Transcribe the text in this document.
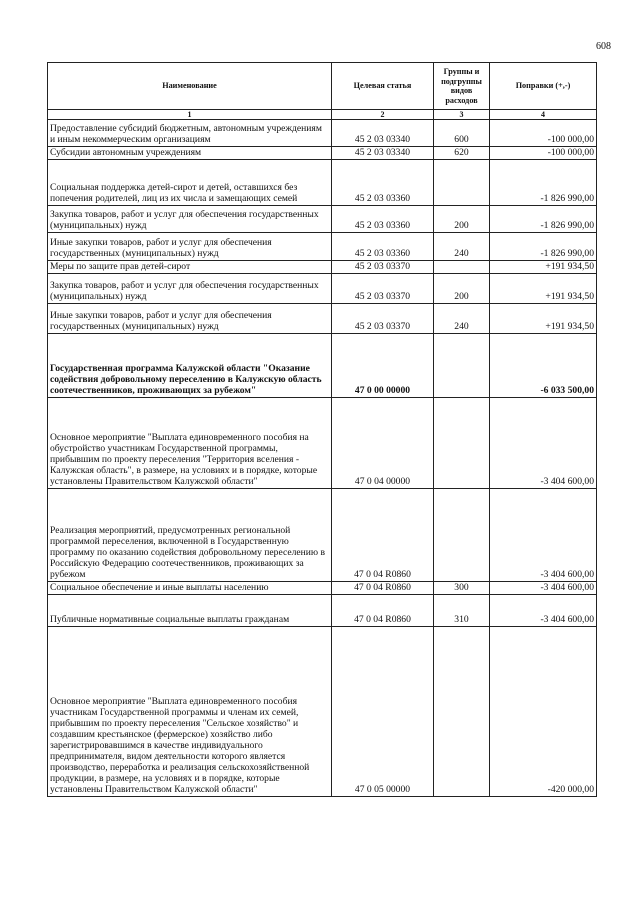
608
Наименование	Целевая статья	Группы и подгруппы видов расходов	Поправки (+,-)
1	2	3	4
Предоставление субсидий бюджетным, автономным учреждениям и иным некоммерческим организациям	45 2 03 03340	600	-100 000,00
Субсидии автономным учреждениям	45 2 03 03340	620	-100 000,00
Социальная поддержка детей-сирот и детей, оставшихся без попечения родителей, лиц из их числа и замещающих семей	45 2 03 03360		-1 826 990,00
Закупка товаров, работ и услуг для обеспечения государственных (муниципальных) нужд	45 2 03 03360	200	-1 826 990,00
Иные закупки товаров, работ и услуг для обеспечения государственных (муниципальных) нужд	45 2 03 03360	240	-1 826 990,00
Меры по защите прав детей-сирот	45 2 03 03370		+191 934,50
Закупка товаров, работ и услуг для обеспечения государственных (муниципальных) нужд	45 2 03 03370	200	+191 934,50
Иные закупки товаров, работ и услуг для обеспечения государственных (муниципальных) нужд	45 2 03 03370	240	+191 934,50
Государственная программа Калужской области "Оказание содействия добровольному переселению в Калужскую область соотечественников, проживающих за рубежом"	47 0 00 00000		-6 033 500,00
Основное мероприятие "Выплата единовременного пособия на обустройство участникам Государственной программы, прибывшим по проекту переселения "Территория вселения - Калужская область", в размере, на условиях и в порядке, которые установлены Правительством Калужской области"	47 0 04 00000		-3 404 600,00
Реализация мероприятий, предусмотренных региональной программой переселения, включенной в Государственную программу по оказанию содействия добровольному переселению в Российскую Федерацию соотечественников, проживающих за рубежом	47 0 04 R0860		-3 404 600,00
Социальное обеспечение и иные выплаты населению	47 0 04 R0860	300	-3 404 600,00
Публичные нормативные социальные выплаты гражданам	47 0 04 R0860	310	-3 404 600,00
Основное мероприятие "Выплата единовременного пособия участникам Государственной программы и членам их семей, прибывшим по проекту переселения "Сельское хозяйство" и создавшим крестьянское (фермерское) хозяйство либо зарегистрировавшимся в качестве индивидуального предпринимателя, видом деятельности которого является производство, переработка и реализация сельскохозяйственной продукции, в размере, на условиях и в порядке, которые установлены Правительством Калужской области"	47 0 05 00000		-420 000,00
